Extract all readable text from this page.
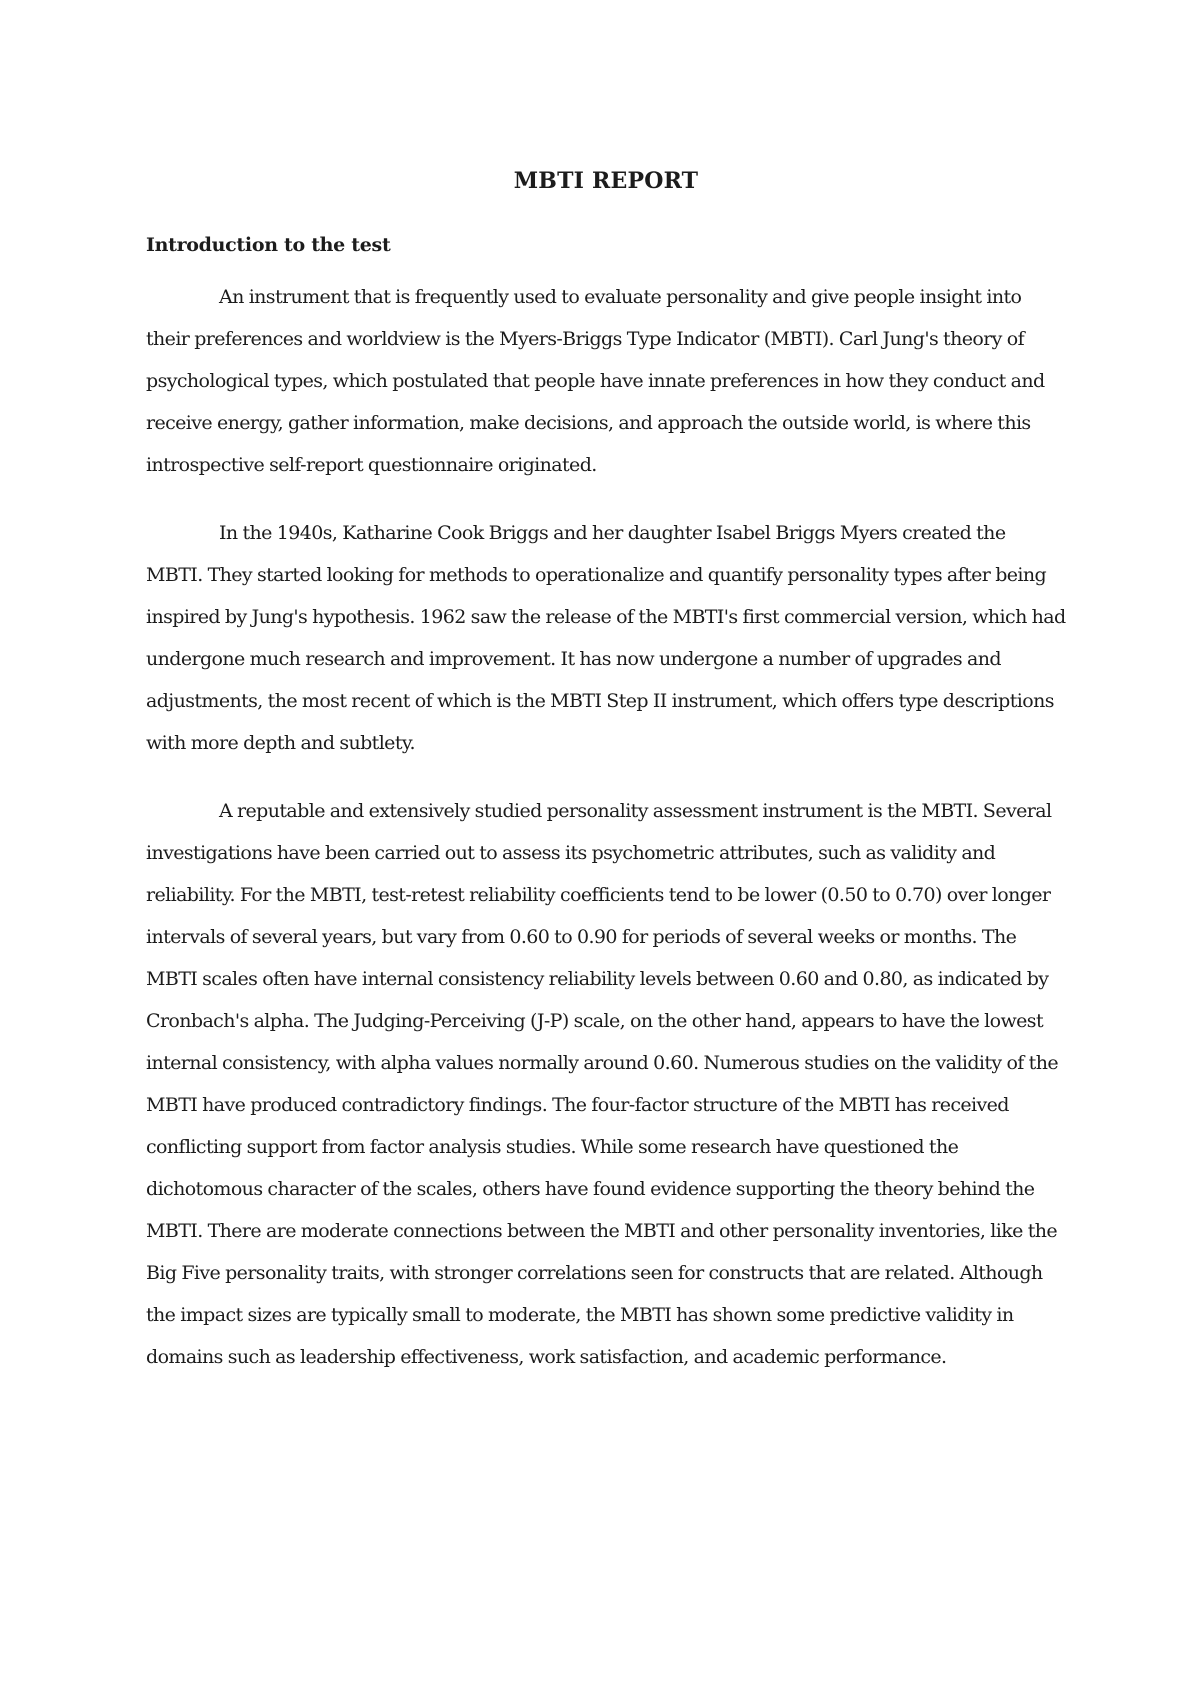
MBTI REPORT
Introduction to the test

An instrument that is frequently used to evaluate personality and give people insight into their preferences and worldview is the Myers-Briggs Type Indicator (MBTI). Carl Jung's theory of psychological types, which postulated that people have innate preferences in how they conduct and receive energy, gather information, make decisions, and approach the outside world, is where this introspective self-report questionnaire originated.

In the 1940s, Katharine Cook Briggs and her daughter Isabel Briggs Myers created the MBTI. They started looking for methods to operationalize and quantify personality types after being inspired by Jung's hypothesis. 1962 saw the release of the MBTI's first commercial version, which had undergone much research and improvement. It has now undergone a number of upgrades and adjustments, the most recent of which is the MBTI Step II instrument, which offers type descriptions with more depth and subtlety.

A reputable and extensively studied personality assessment instrument is the MBTI. Several investigations have been carried out to assess its psychometric attributes, such as validity and reliability. For the MBTI, test-retest reliability coefficients tend to be lower (0.50 to 0.70) over longer intervals of several years, but vary from 0.60 to 0.90 for periods of several weeks or months. The MBTI scales often have internal consistency reliability levels between 0.60 and 0.80, as indicated by Cronbach's alpha. The Judging-Perceiving (J-P) scale, on the other hand, appears to have the lowest internal consistency, with alpha values normally around 0.60. Numerous studies on the validity of the MBTI have produced contradictory findings. The four-factor structure of the MBTI has received conflicting support from factor analysis studies. While some research have questioned the dichotomous character of the scales, others have found evidence supporting the theory behind the MBTI. There are moderate connections between the MBTI and other personality inventories, like the Big Five personality traits, with stronger correlations seen for constructs that are related. Although the impact sizes are typically small to moderate, the MBTI has shown some predictive validity in domains such as leadership effectiveness, work satisfaction, and academic performance.
